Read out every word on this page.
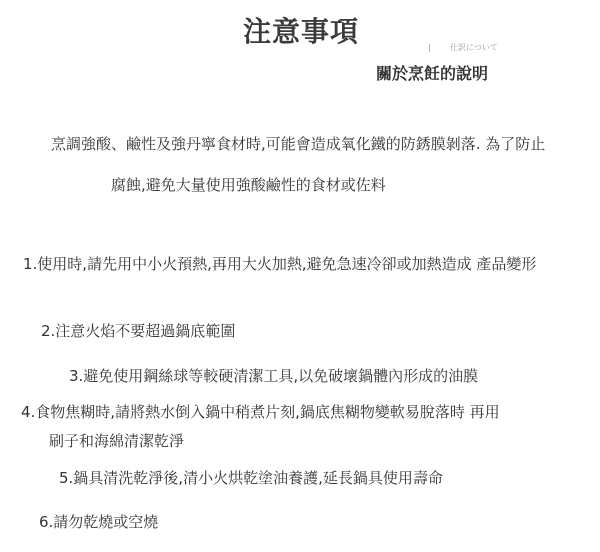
注意事項	| 仕訳について
關於烹飪的說明

烹調強酸、鹼性及強丹寧食材時,可能會造成氧化鐵的防銹膜剝落. 為了防止

腐蝕,避免大量使用強酸鹼性的食材或佐料

1.使用時,請先用中小火預熱,再用大火加熱,避免急速冷卻或加熱造成 產品變形

2.注意火焰不要超過鍋底範圍

3.避免使用鋼絲球等較硬清潔工具,以免破壞鍋體內形成的油膜

4.食物焦糊時,請將熱水倒入鍋中稍煮片刻,鍋底焦糊物變軟易脫落時 再用

刷子和海綿清潔乾淨

5.鍋具清洗乾淨後,清小火烘乾塗油養護,延長鍋具使用壽命

6.請勿乾燒或空燒
